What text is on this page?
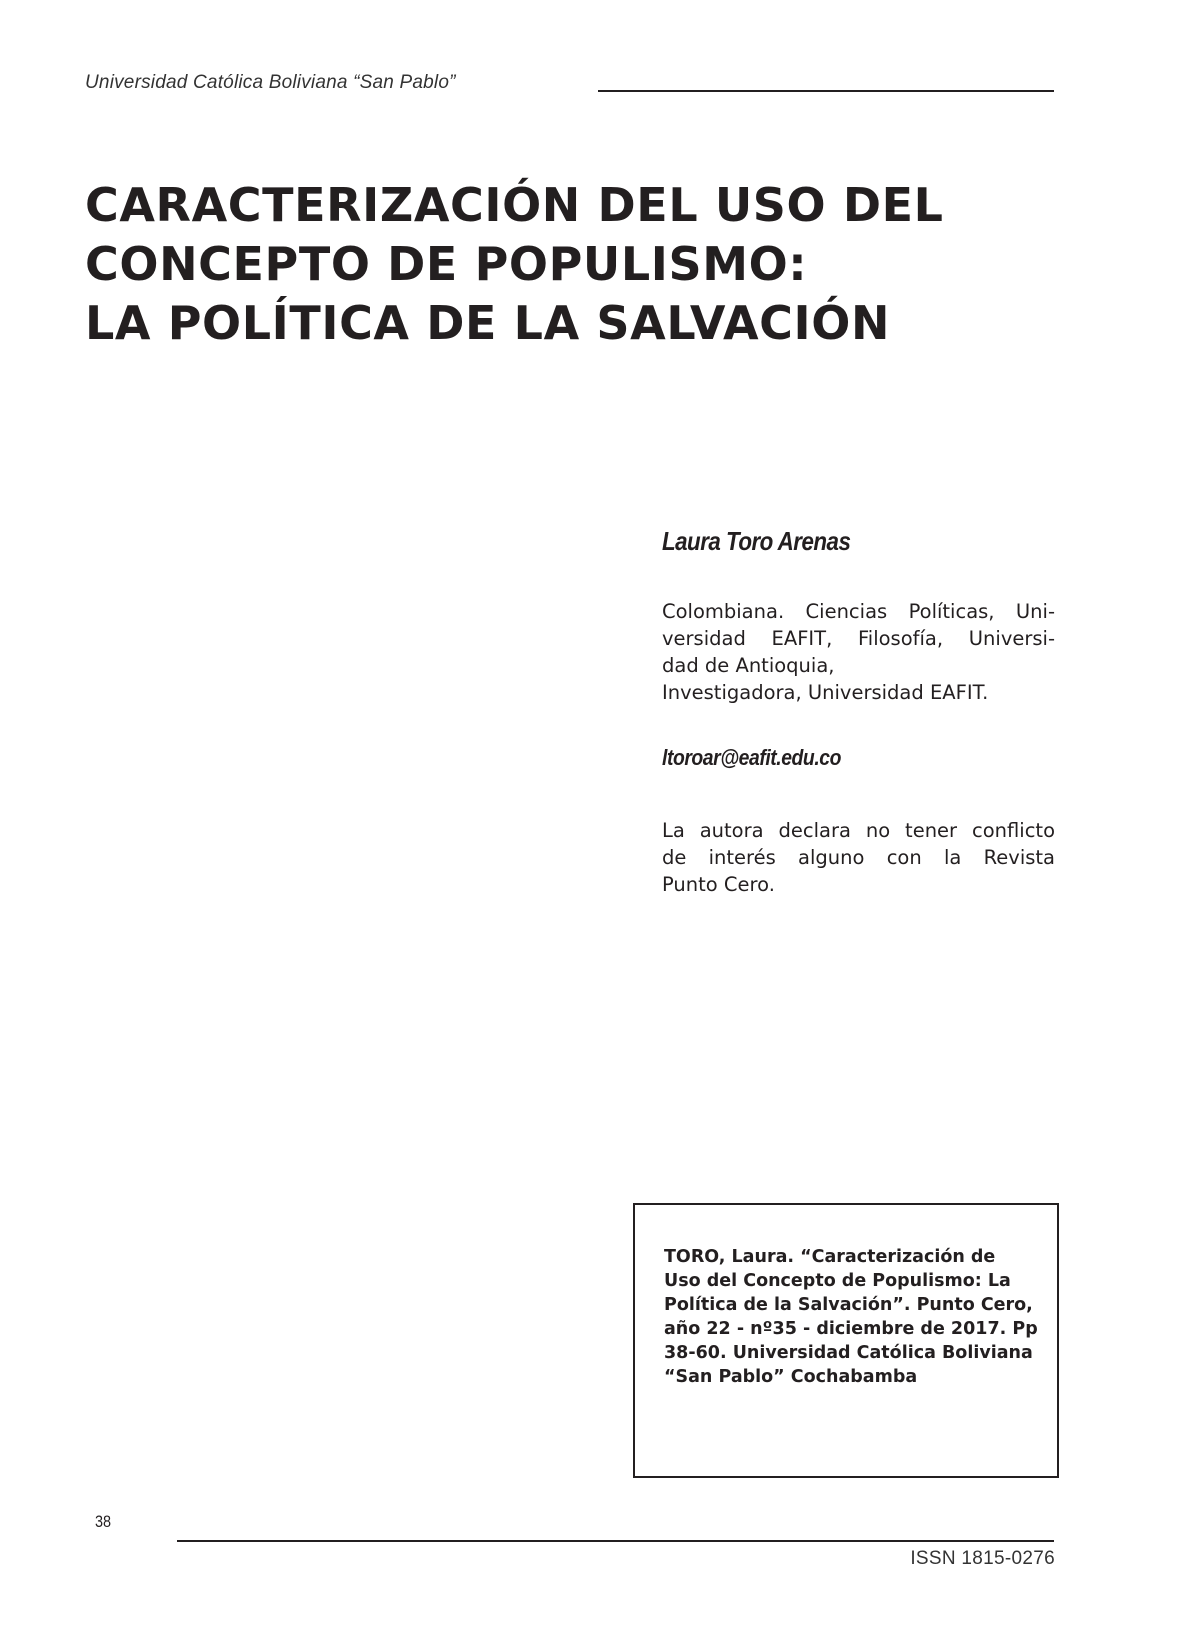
Universidad Católica Boliviana “San Pablo”
CARACTERIZACIÓN DEL USO DEL
CONCEPTO DE POPULISMO:
LA POLÍTICA DE LA SALVACIÓN
Laura Toro Arenas

Colombiana. Ciencias Políticas, Uni-

versidad EAFIT, Filosofía, Universi-

dad de Antioquia,

Investigadora, Universidad EAFIT.

ltoroar@eafit.edu.co

La autora declara no tener conflicto

de interés alguno con la Revista

Punto Cero.

TORO, Laura. “Caracterización de
Uso del Concepto de Populismo: La
Política de la Salvación”. Punto Cero,
año 22 - nº35 - diciembre de 2017. Pp
38-60. Universidad Católica Boliviana
“San Pablo” Cochabamba

38
ISSN 1815-0276
